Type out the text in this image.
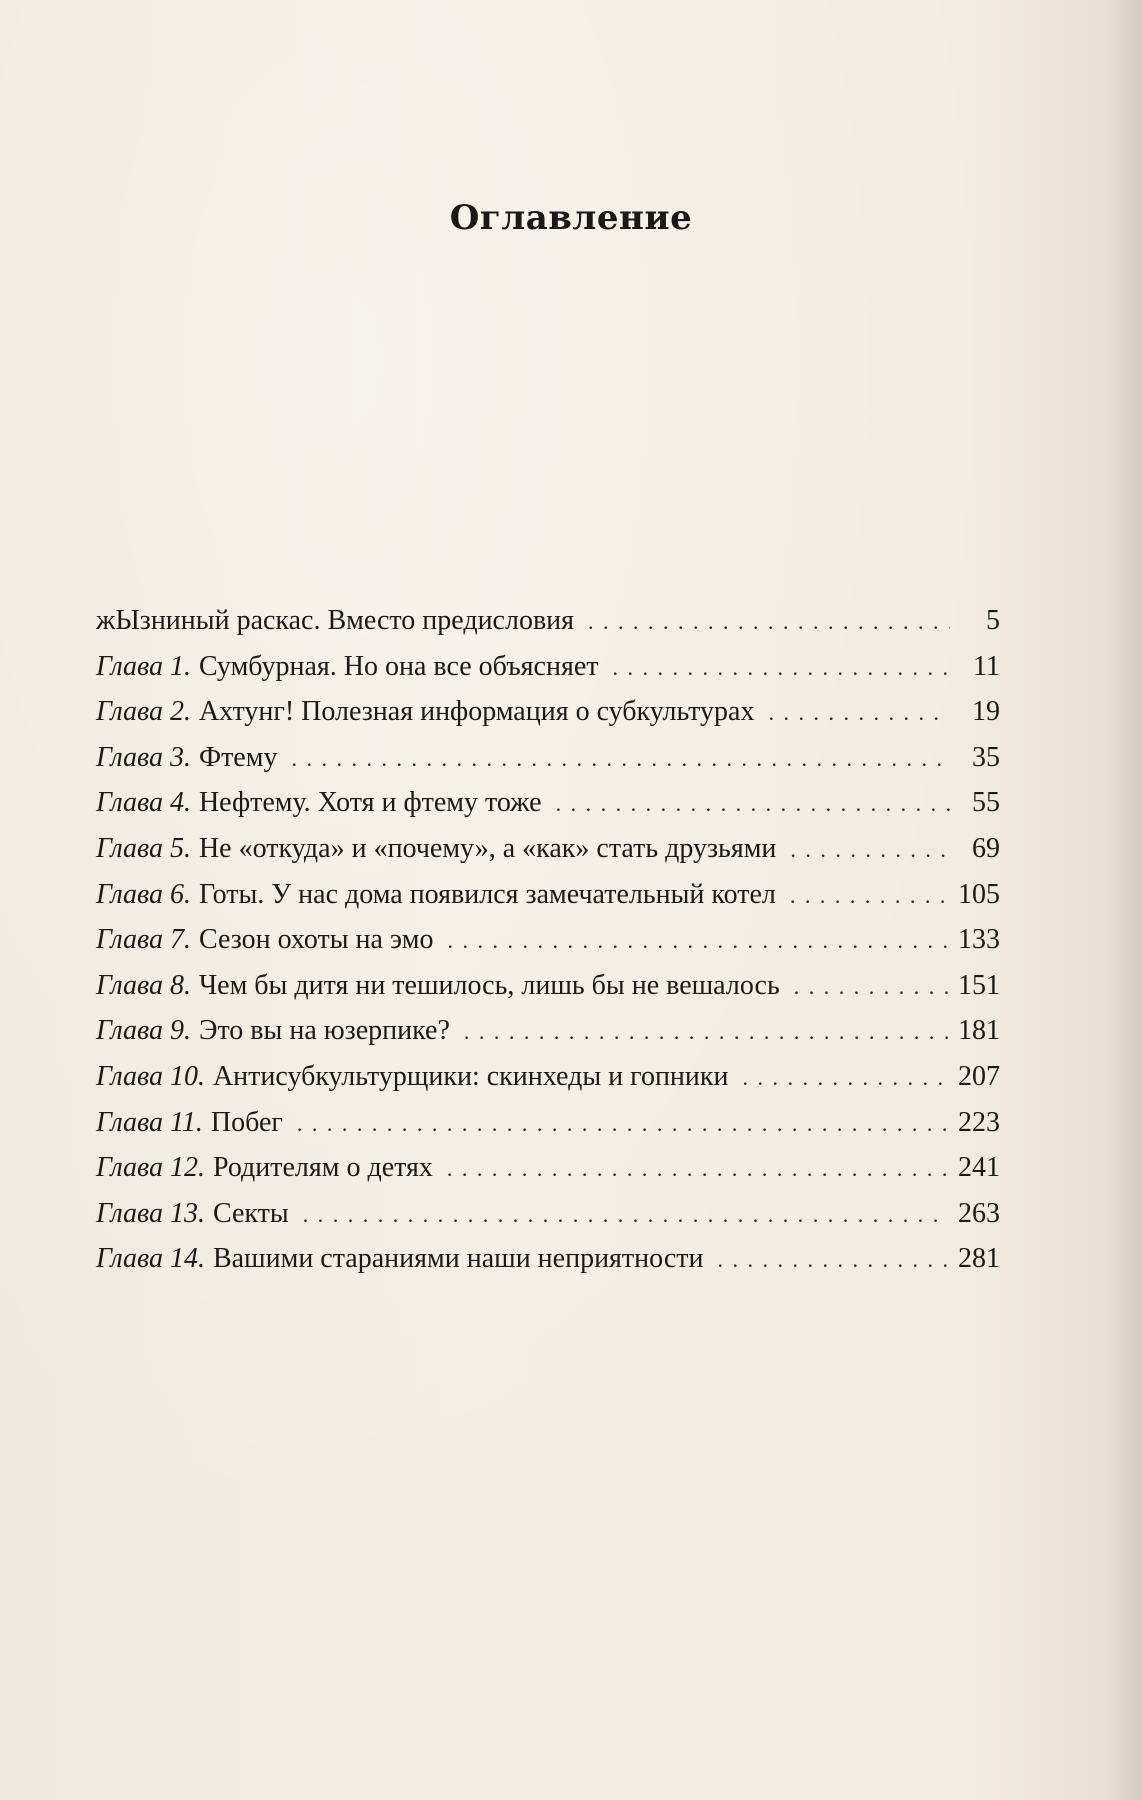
Оглавление
жЫзниный раскас. Вместо предисловия . . .	5
Глава 1. Сумбурная. Но она все объясняет . . .	11
Глава 2. Ахтунг! Полезная информация о субкультурах . . .	19
Глава 3. Фтему . . .	35
Глава 4. Нефтему. Хотя и фтему тоже . . .	55
Глава 5. Не «откуда» и «почему», а «как» стать друзьями . . .	69
Глава 6. Готы. У нас дома появился замечательный котел . . .	105
Глава 7. Сезон охоты на эмо . . .	133
Глава 8. Чем бы дитя ни тешилось, лишь бы не вешалось . . .	151
Глава 9. Это вы на юзерпике? . . .	181
Глава 10. Антисубкультурщики: скинхеды и гопники . . .	207
Глава 11. Побег . . .	223
Глава 12. Родителям о детях . . .	241
Глава 13. Секты . . .	263
Глава 14. Вашими стараниями наши неприятности . . .	281
